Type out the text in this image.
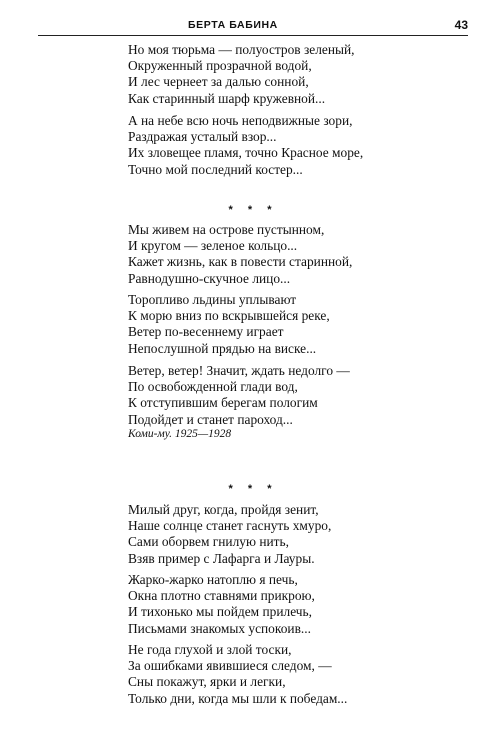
БЕРТА БАБИНА	43
Но моя тюрьма — полуостров зеленый,
Окруженный прозрачной водой,
И лес чернеет за далью сонной,
Как старинный шарф кружевной...
А на небе всю ночь неподвижные зори,
Раздражая усталый взор...
Их зловещее пламя, точно Красное море,
Точно мой последний костер...
* * *
Мы живем на острове пустынном,
И кругом — зеленое кольцо...
Кажет жизнь, как в повести старинной,
Равнодушно-скучное лицо...
Торопливо льдины уплывают
К морю вниз по вскрывшейся реке,
Ветер по-весеннему играет
Непослушной прядью на виске...
Ветер, ветер! Значит, ждать недолго —
По освобожденной глади вод,
К отступившим берегам пологим
Подойдет и станет пароход...
Коми-му. 1925—1928
* * *
Милый друг, когда, пройдя зенит,
Наше солнце станет гаснуть хмуро,
Сами оборвем гнилую нить,
Взяв пример с Лафарга и Лауры.
Жарко-жарко натоплю я печь,
Окна плотно ставнями прикрою,
И тихонько мы пойдем прилечь,
Письмами знакомых успокоив...
Не года глухой и злой тоски,
За ошибками явившиеся следом, —
Сны покажут, ярки и легки,
Только дни, когда мы шли к победам...
